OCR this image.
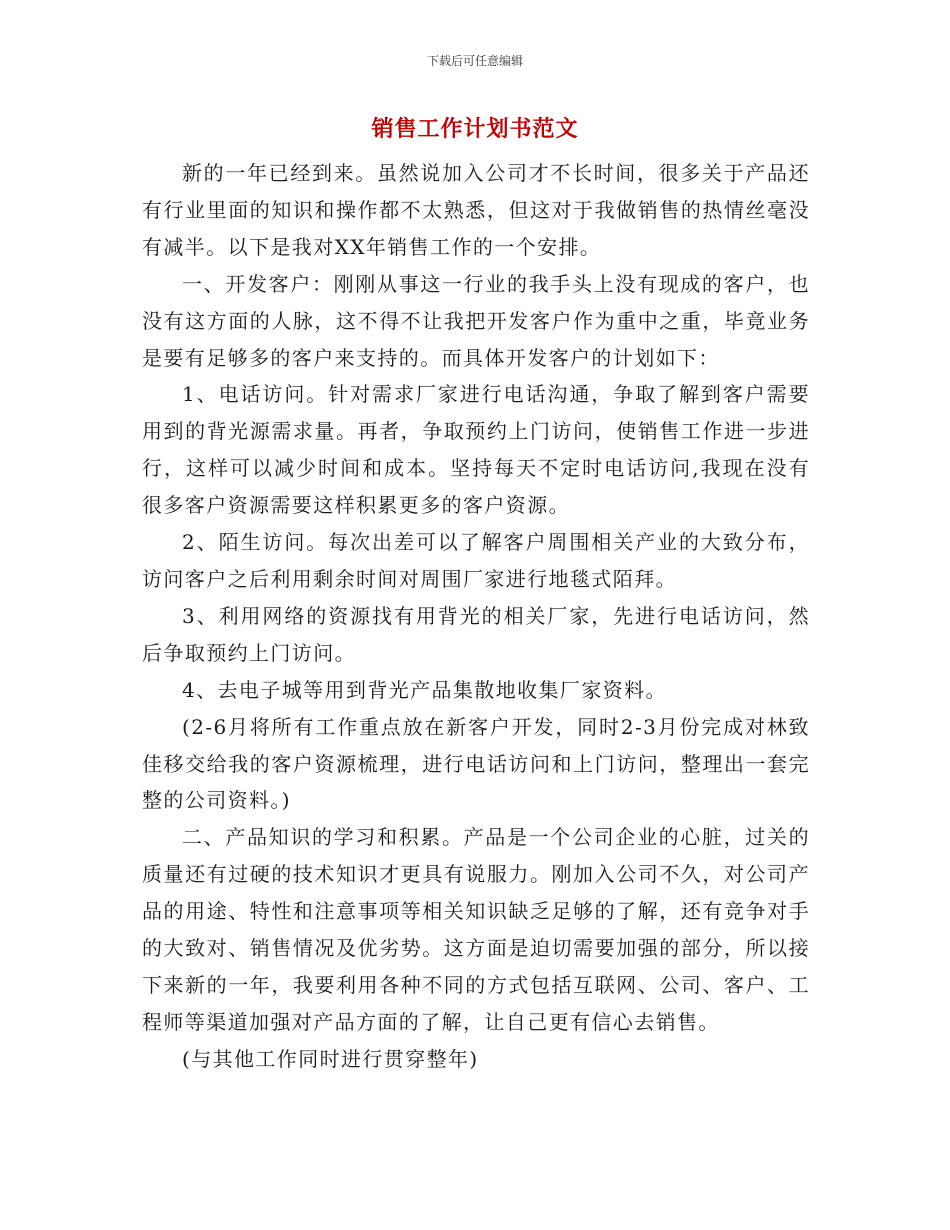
下载后可任意编辑
销售工作计划书范文

新的一年已经到来。虽然说加入公司才不长时间，很多关于产品还有行业里面的知识和操作都不太熟悉，但这对于我做销售的热情丝毫没有减半。以下是我对XX年销售工作的一个安排。

一、开发客户：刚刚从事这一行业的我手头上没有现成的客户，也没有这方面的人脉，这不得不让我把开发客户作为重中之重，毕竟业务是要有足够多的客户来支持的。而具体开发客户的计划如下：

1、电话访问。针对需求厂家进行电话沟通，争取了解到客户需要用到的背光源需求量。再者，争取预约上门访问，使销售工作进一步进行，这样可以减少时间和成本。坚持每天不定时电话访问,我现在没有很多客户资源需要这样积累更多的客户资源。

2、陌生访问。每次出差可以了解客户周围相关产业的大致分布，访问客户之后利用剩余时间对周围厂家进行地毯式陌拜。

3、利用网络的资源找有用背光的相关厂家，先进行电话访问，然后争取预约上门访问。

4、去电子城等用到背光产品集散地收集厂家资料。

(2-6月将所有工作重点放在新客户开发，同时2-3月份完成对林致佳移交给我的客户资源梳理，进行电话访问和上门访问，整理出一套完整的公司资料。)

二、产品知识的学习和积累。产品是一个公司企业的心脏，过关的质量还有过硬的技术知识才更具有说服力。刚加入公司不久，对公司产品的用途、特性和注意事项等相关知识缺乏足够的了解，还有竞争对手的大致对、销售情况及优劣势。这方面是迫切需要加强的部分，所以接下来新的一年，我要利用各种不同的方式包括互联网、公司、客户、工程师等渠道加强对产品方面的了解，让自己更有信心去销售。

(与其他工作同时进行贯穿整年)
